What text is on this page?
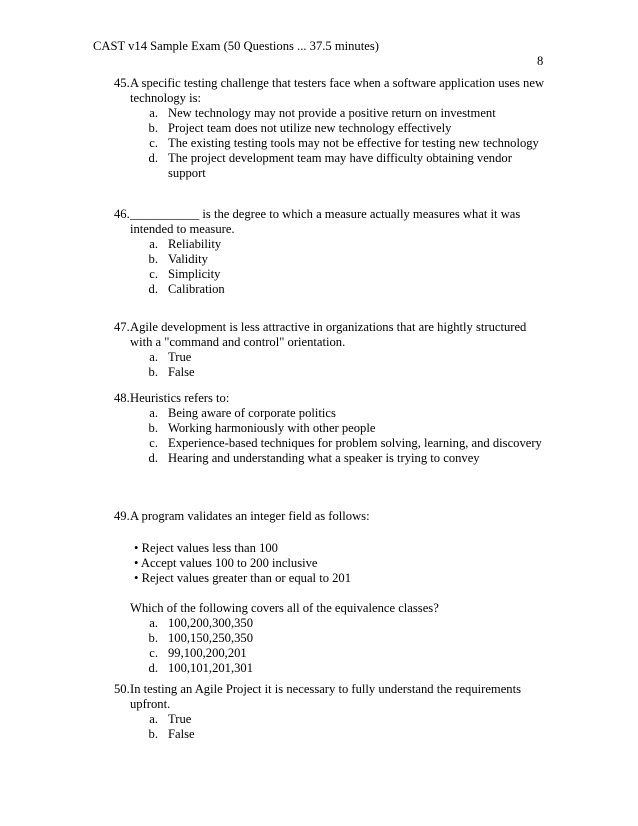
CAST v14 Sample Exam (50 Questions ... 37.5 minutes)
8
45 . A specific testing challenge that testers face when a software application uses new technology is:
a . New technology may not provide a positive return on investment
b . Project team does not utilize new technology effectively
c . The existing testing tools may not be effective for testing new technology
d . The project development team may have difficulty obtaining vendor support
46 . ___________ is the degree to which a measure actually measures what it was intended to measure.
a . Reliability
b . Validity
c . Simplicity
d . Calibration
47 . Agile development is less attractive in organizations that are hightly structured with a "command and control" orientation.
a . True
b . False
48 . Heuristics refers to:
a . Being aware of corporate politics
b . Working harmoniously with other people
c . Experience-based techniques for problem solving, learning, and discovery
d . Hearing and understanding what a speaker is trying to convey
49 . A program validates an integer field as follows:
• Reject values less than 100
• Accept values 100 to 200 inclusive
• Reject values greater than or equal to 201
Which of the following covers all of the equivalence classes?
a . 100,200,300,350
b . 100,150,250,350
c . 99,100,200,201
d . 100,101,201,301
50 . In testing an Agile Project it is necessary to fully understand the requirements upfront.
a . True
b . False
